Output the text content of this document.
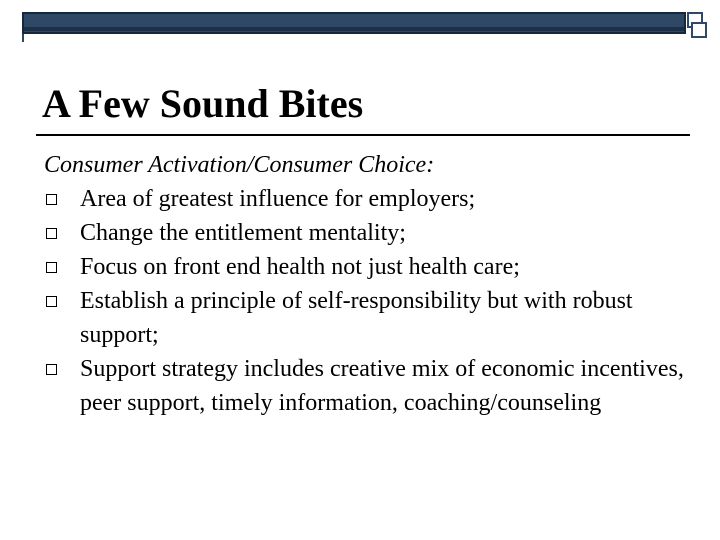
A Few Sound Bites
Consumer Activation/Consumer Choice:
Area of greatest influence for employers;
Change the entitlement mentality;
Focus on front end health not just health care;
Establish a principle of self-responsibility but with robust support;
Support strategy includes creative mix of economic incentives, peer support, timely information, coaching/counseling
